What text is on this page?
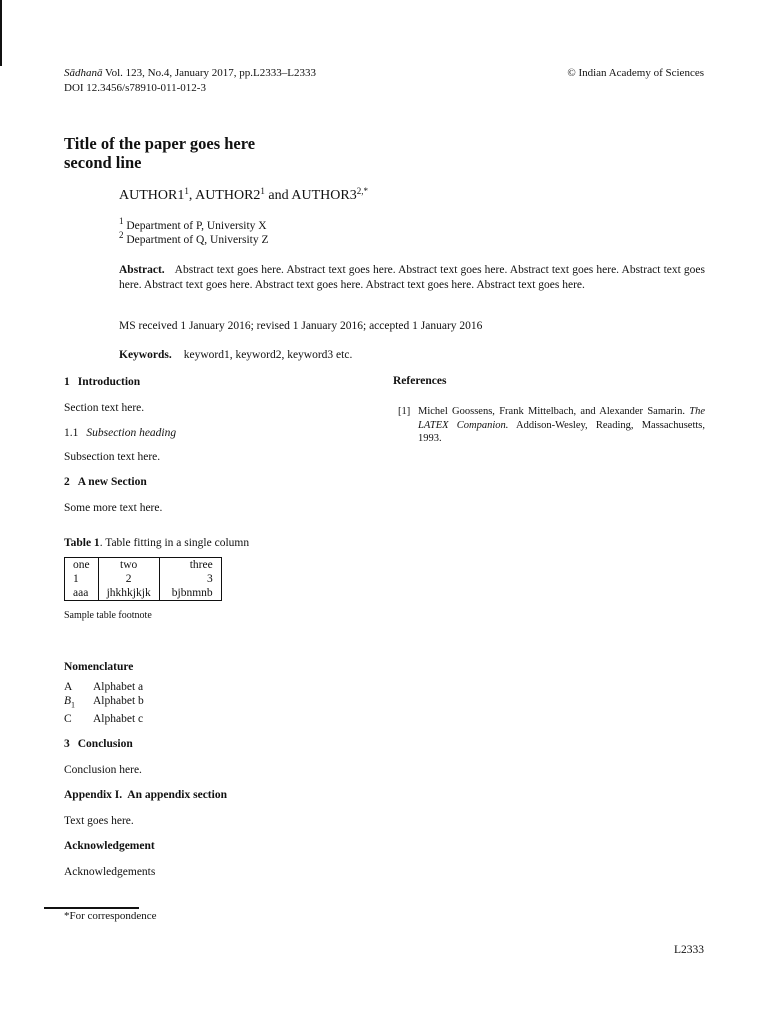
Sādhanā Vol. 123, No.4, January 2017, pp.L2333–L2333
DOI 12.3456/s78910-011-012-3
© Indian Academy of Sciences
Title of the paper goes here
second line
$AUTHOR1^1$, $AUTHOR2^1$ and $AUTHOR3^{2,*}$
$^1$ Department of P, University X
$^2$ Department of Q, University Z
Abstract. Abstract text goes here. Abstract text goes here. Abstract text goes here. Abstract text goes here. Abstract text goes here. Abstract text goes here. Abstract text goes here. Abstract text goes here. Abstract text goes here.
MS received 1 January 2016; revised 1 January 2016; accepted 1 January 2016
Keywords. keyword1, keyword2, keyword3 etc.
1 Introduction
Section text here.
1.1 Subsection heading
Subsection text here.
2 A new Section
Some more text here.
Table 1. Table fitting in a single column
one	two	three
1	2	3
aaa	jhkhkjkjk	bjbnmnb
Sample table footnote
Nomenclature
A	Alphabet a
$B_1$	Alphabet b
C	Alphabet c
3 Conclusion
Conclusion here.
Appendix I.  An appendix section
Text goes here.
Acknowledgement
Acknowledgements
References
[1] Michel Goossens, Frank Mittelbach, and Alexander Samarin. The LATEX Companion. Addison-Wesley, Reading, Massachusetts, 1993.
*For correspondence
L2333
